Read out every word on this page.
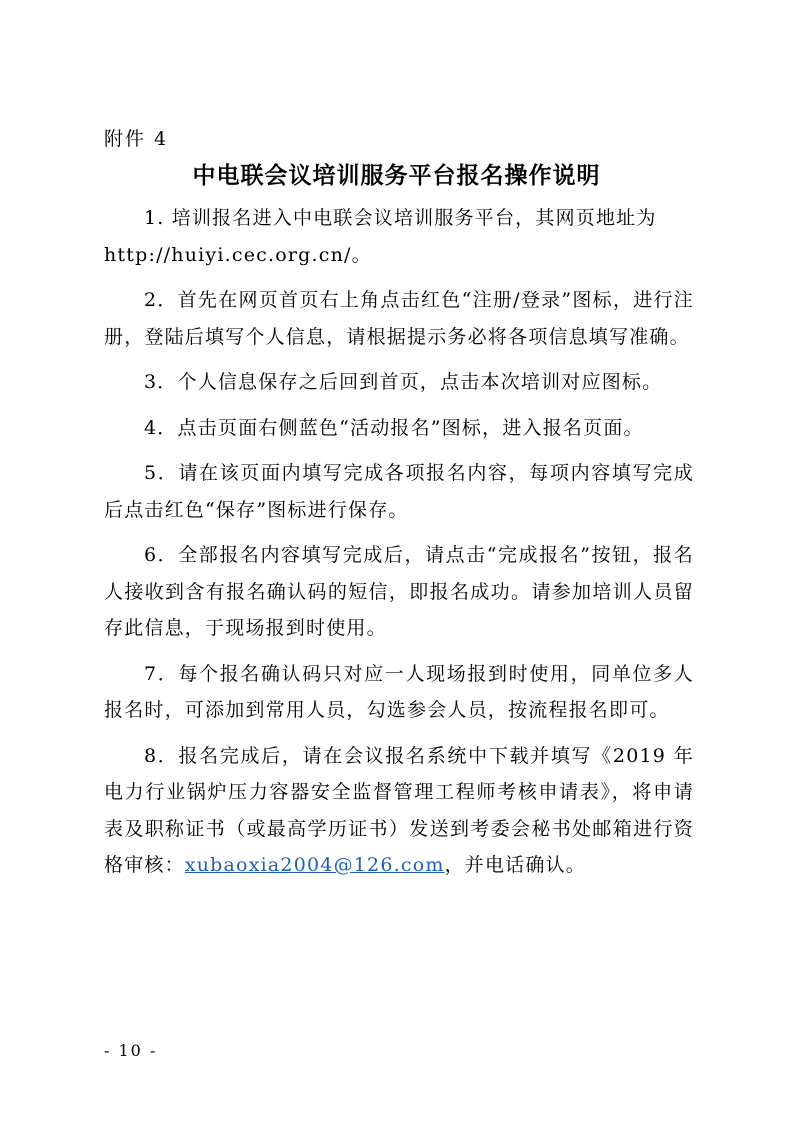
附件 4
中电联会议培训服务平台报名操作说明

1. 培训报名进入中电联会议培训服务平台，其网页地址为
http://huiyi.cec.org.cn/。

2．首先在网页首页右上角点击红色“注册/登录”图标，进行注册，登陆后填写个人信息，请根据提示务必将各项信息填写准确。

3．个人信息保存之后回到首页，点击本次培训对应图标。

4．点击页面右侧蓝色“活动报名”图标，进入报名页面。

5．请在该页面内填写完成各项报名内容，每项内容填写完成后点击红色“保存”图标进行保存。

6．全部报名内容填写完成后，请点击“完成报名”按钮，报名人接收到含有报名确认码的短信，即报名成功。请参加培训人员留存此信息，于现场报到时使用。

7．每个报名确认码只对应一人现场报到时使用，同单位多人报名时，可添加到常用人员，勾选参会人员，按流程报名即可。

8．报名完成后，请在会议报名系统中下载并填写《2019 年电力行业锅炉压力容器安全监督管理工程师考核申请表》，将申请表及职称证书（或最高学历证书）发送到考委会秘书处邮箱进行资格审核：xubaoxia2004@126.com，并电话确认。

- 10 -
